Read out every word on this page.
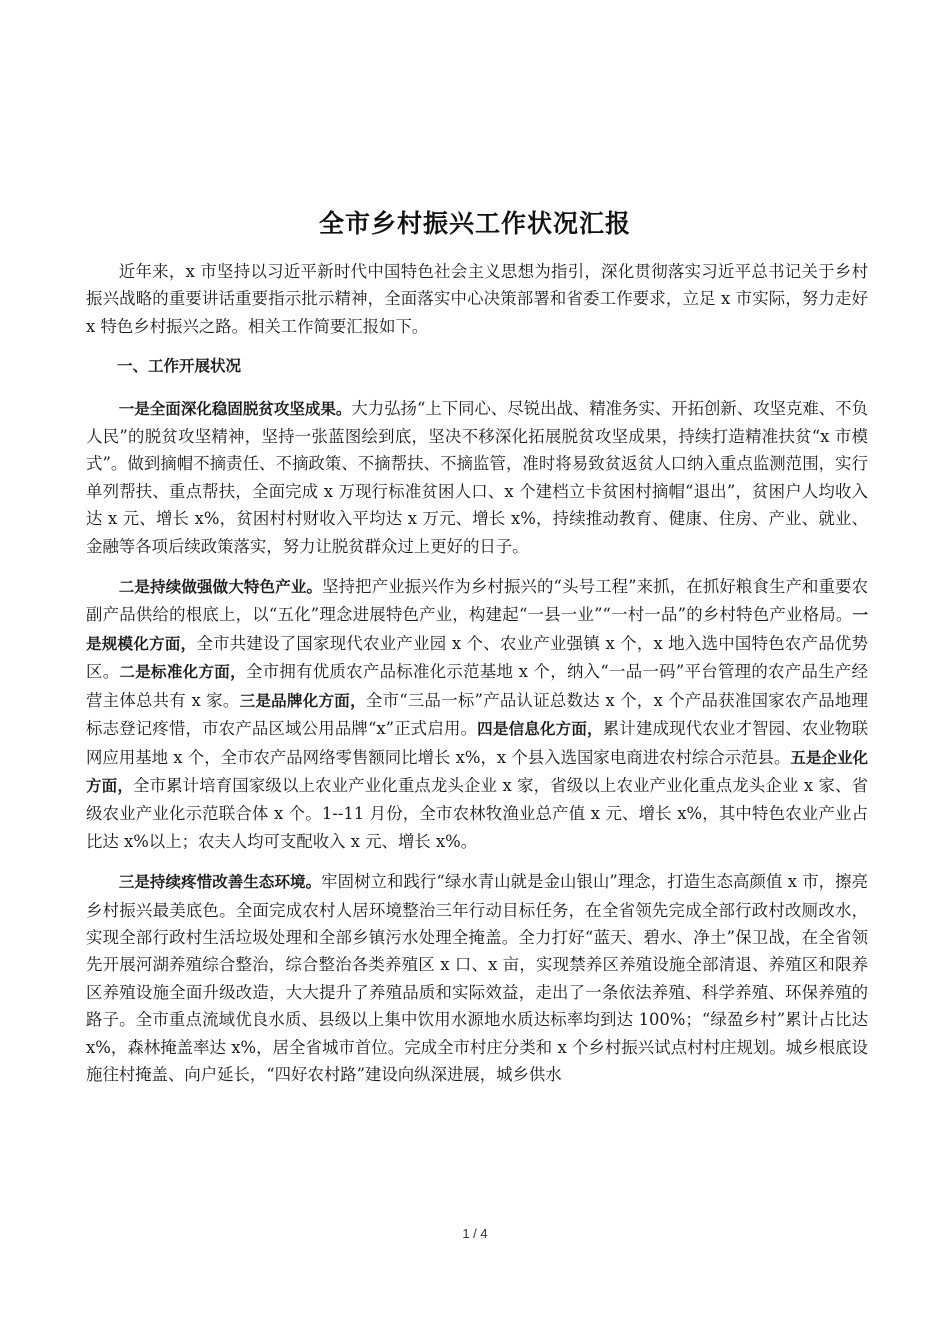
全市乡村振兴工作状况汇报

近年来，x 市坚持以习近平新时代中国特色社会主义思想为指引，深化贯彻落实习近平总书记关于乡村振兴战略的重要讲话重要指示批示精神，全面落实中心决策部署和省委工作要求，立足 x 市实际，努力走好 x 特色乡村振兴之路。相关工作简要汇报如下。

一、工作开展状况

一是全面深化稳固脱贫攻坚成果。大力弘扬“上下同心、尽锐出战、精准务实、开拓创新、攻坚克难、不负人民”的脱贫攻坚精神，坚持一张蓝图绘到底，坚决不移深化拓展脱贫攻坚成果，持续打造精准扶贫“x 市模式”。做到摘帽不摘责任、不摘政策、不摘帮扶、不摘监管，准时将易致贫返贫人口纳入重点监测范围，实行单列帮扶、重点帮扶，全面完成 x 万现行标准贫困人口、x 个建档立卡贫困村摘帽“退出”，贫困户人均收入达 x 元、增长 x%，贫困村村财收入平均达 x 万元、增长 x%，持续推动教育、健康、住房、产业、就业、金融等各项后续政策落实，努力让脱贫群众过上更好的日子。

二是持续做强做大特色产业。坚持把产业振兴作为乡村振兴的“头号工程”来抓，在抓好粮食生产和重要农副产品供给的根底上，以“五化”理念进展特色产业，构建起“一县一业”“一村一品”的乡村特色产业格局。一是规模化方面，全市共建设了国家现代农业产业园 x 个、农业产业强镇 x 个，x 地入选中国特色农产品优势区。二是标准化方面，全市拥有优质农产品标准化示范基地 x 个，纳入“一品一码”平台管理的农产品生产经营主体总共有 x 家。三是品牌化方面，全市“三品一标”产品认证总数达 x 个，x 个产品获准国家农产品地理标志登记疼惜，市农产品区域公用品牌“x”正式启用。四是信息化方面，累计建成现代农业才智园、农业物联网应用基地 x 个，全市农产品网络零售额同比增长 x%，x 个县入选国家电商进农村综合示范县。五是企业化方面，全市累计培育国家级以上农业产业化重点龙头企业 x 家，省级以上农业产业化重点龙头企业 x 家、省级农业产业化示范联合体 x 个。1--11 月份，全市农林牧渔业总产值 x 元、增长 x%，其中特色农业产业占比达 x%以上；农夫人均可支配收入 x 元、增长 x%。

三是持续疼惜改善生态环境。牢固树立和践行“绿水青山就是金山银山”理念，打造生态高颜值 x 市，擦亮乡村振兴最美底色。全面完成农村人居环境整治三年行动目标任务，在全省领先完成全部行政村改厕改水，实现全部行政村生活垃圾处理和全部乡镇污水处理全掩盖。全力打好“蓝天、碧水、净土”保卫战，在全省领先开展河湖养殖综合整治，综合整治各类养殖区 x 口、x 亩，实现禁养区养殖设施全部清退、养殖区和限养区养殖设施全面升级改造，大大提升了养殖品质和实际效益，走出了一条依法养殖、科学养殖、环保养殖的路子。全市重点流域优良水质、县级以上集中饮用水源地水质达标率均到达 100%；“绿盈乡村”累计占比达 x%，森林掩盖率达 x%，居全省城市首位。完成全市村庄分类和 x 个乡村振兴试点村村庄规划。城乡根底设施往村掩盖、向户延长，“四好农村路”建设向纵深进展，城乡供水

1 / 4
